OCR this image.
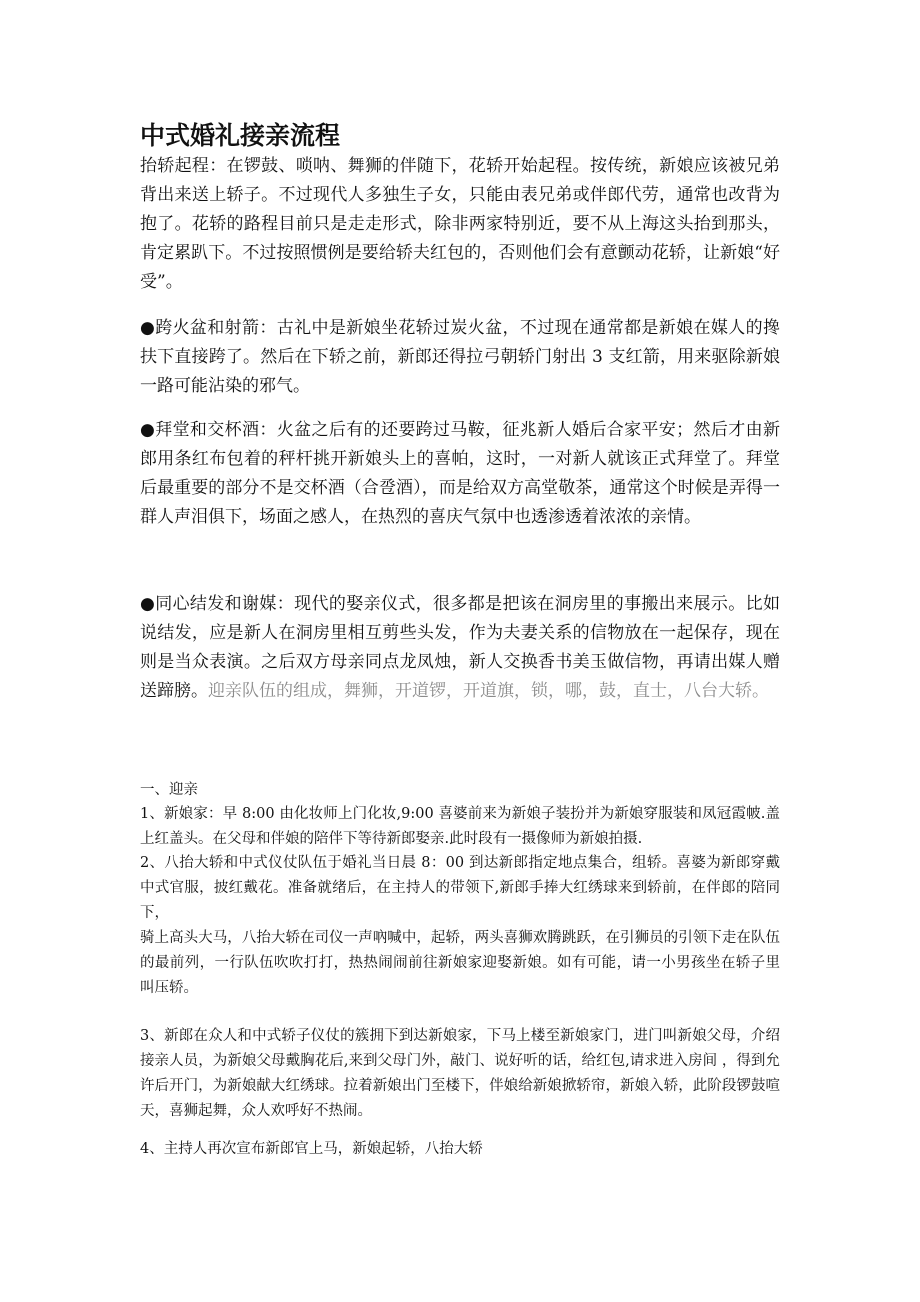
中式婚礼接亲流程

抬轿起程：在锣鼓、唢呐、舞狮的伴随下，花轿开始起程。按传统，新娘应该被兄弟背出来送上轿子。不过现代人多独生子女，只能由表兄弟或伴郎代劳，通常也改背为抱了。花轿的路程目前只是走走形式，除非两家特别近，要不从上海这头抬到那头，肯定累趴下。不过按照惯例是要给轿夫红包的，否则他们会有意颤动花轿，让新娘“好受”。

●跨火盆和射箭：古礼中是新娘坐花轿过炭火盆，不过现在通常都是新娘在媒人的搀扶下直接跨了。然后在下轿之前，新郎还得拉弓朝轿门射出 3 支红箭，用来驱除新娘一路可能沾染的邪气。

●拜堂和交杯酒：火盆之后有的还要跨过马鞍，征兆新人婚后合家平安；然后才由新郎用条红布包着的秤杆挑开新娘头上的喜帕，这时，一对新人就该正式拜堂了。拜堂后最重要的部分不是交杯酒（合卺酒），而是给双方高堂敬茶，通常这个时候是弄得一群人声泪俱下，场面之感人，在热烈的喜庆气氛中也透渗透着浓浓的亲情。

●同心结发和谢媒：现代的娶亲仪式，很多都是把该在洞房里的事搬出来展示。比如说结发，应是新人在洞房里相互剪些头发，作为夫妻关系的信物放在一起保存，现在则是当众表演。之后双方母亲同点龙凤烛，新人交换香书美玉做信物，再请出媒人赠送蹄膀。迎亲队伍的组成，舞狮，开道锣，开道旗，锁，哪，鼓，直士，八台大轿。

一、迎亲

1、新娘家：早 8:00 由化妆师上门化妆,9:00 喜婆前来为新娘子装扮并为新娘穿服装和凤冠霞帔.盖上红盖头。在父母和伴娘的陪伴下等待新郎娶亲.此时段有一摄像师为新娘拍摄.

2、八抬大轿和中式仪仗队伍于婚礼当日晨 8：00 到达新郎指定地点集合，组轿。喜婆为新郎穿戴中式官服，披红戴花。准备就绪后，在主持人的带领下,新郎手捧大红绣球来到轿前，在伴郎的陪同下，
骑上高头大马，八抬大轿在司仪一声吶喊中，起轿，两头喜狮欢腾跳跃，在引狮员的引领下走在队伍的最前列，一行队伍吹吹打打，热热闹闹前往新娘家迎娶新娘。如有可能，请一小男孩坐在轿子里 叫压轿。

3、新郎在众人和中式轿子仪仗的簇拥下到达新娘家，下马上楼至新娘家门，进门叫新娘父母，介绍接亲人员，为新娘父母戴胸花后,来到父母门外，敲门、说好听的话，给红包,请求进入房间 ，得到允许后开门，为新娘献大红绣球。拉着新娘出门至楼下，伴娘给新娘掀轿帘，新娘入轿，此阶段锣鼓喧天，喜狮起舞，众人欢呼好不热闹。

4、主持人再次宣布新郎官上马，新娘起轿，八抬大轿
